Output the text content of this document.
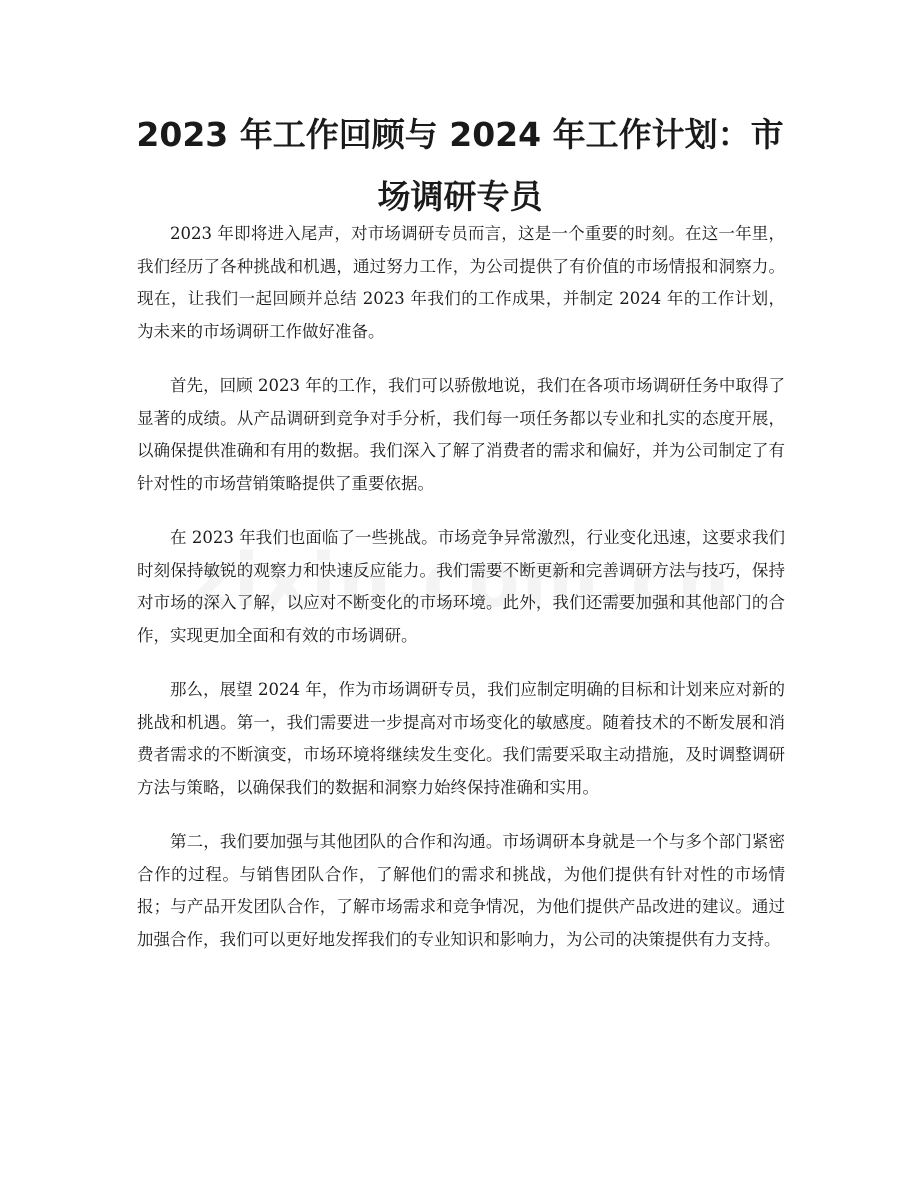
2023 年工作回顾与 2024 年工作计划：市场调研专员

2023 年即将进入尾声，对市场调研专员而言，这是一个重要的时刻。在这一年里，我们经历了各种挑战和机遇，通过努力工作，为公司提供了有价值的市场情报和洞察力。现在，让我们一起回顾并总结 2023 年我们的工作成果，并制定 2024 年的工作计划，为未来的市场调研工作做好准备。

首先，回顾 2023 年的工作，我们可以骄傲地说，我们在各项市场调研任务中取得了显著的成绩。从产品调研到竞争对手分析，我们每一项任务都以专业和扎实的态度开展，以确保提供准确和有用的数据。我们深入了解了消费者的需求和偏好，并为公司制定了有针对性的市场营销策略提供了重要依据。

在 2023 年我们也面临了一些挑战。市场竞争异常激烈，行业变化迅速，这要求我们时刻保持敏锐的观察力和快速反应能力。我们需要不断更新和完善调研方法与技巧，保持对市场的深入了解，以应对不断变化的市场环境。此外，我们还需要加强和其他部门的合作，实现更加全面和有效的市场调研。

那么，展望 2024 年，作为市场调研专员，我们应制定明确的目标和计划来应对新的挑战和机遇。第一，我们需要进一步提高对市场变化的敏感度。随着技术的不断发展和消费者需求的不断演变，市场环境将继续发生变化。我们需要采取主动措施，及时调整调研方法与策略，以确保我们的数据和洞察力始终保持准确和实用。

第二，我们要加强与其他团队的合作和沟通。市场调研本身就是一个与多个部门紧密合作的过程。与销售团队合作，了解他们的需求和挑战，为他们提供有针对性的市场情报；与产品开发团队合作，了解市场需求和竞争情况，为他们提供产品改进的建议。通过加强合作，我们可以更好地发挥我们的专业知识和影响力，为公司的决策提供有力支持。
